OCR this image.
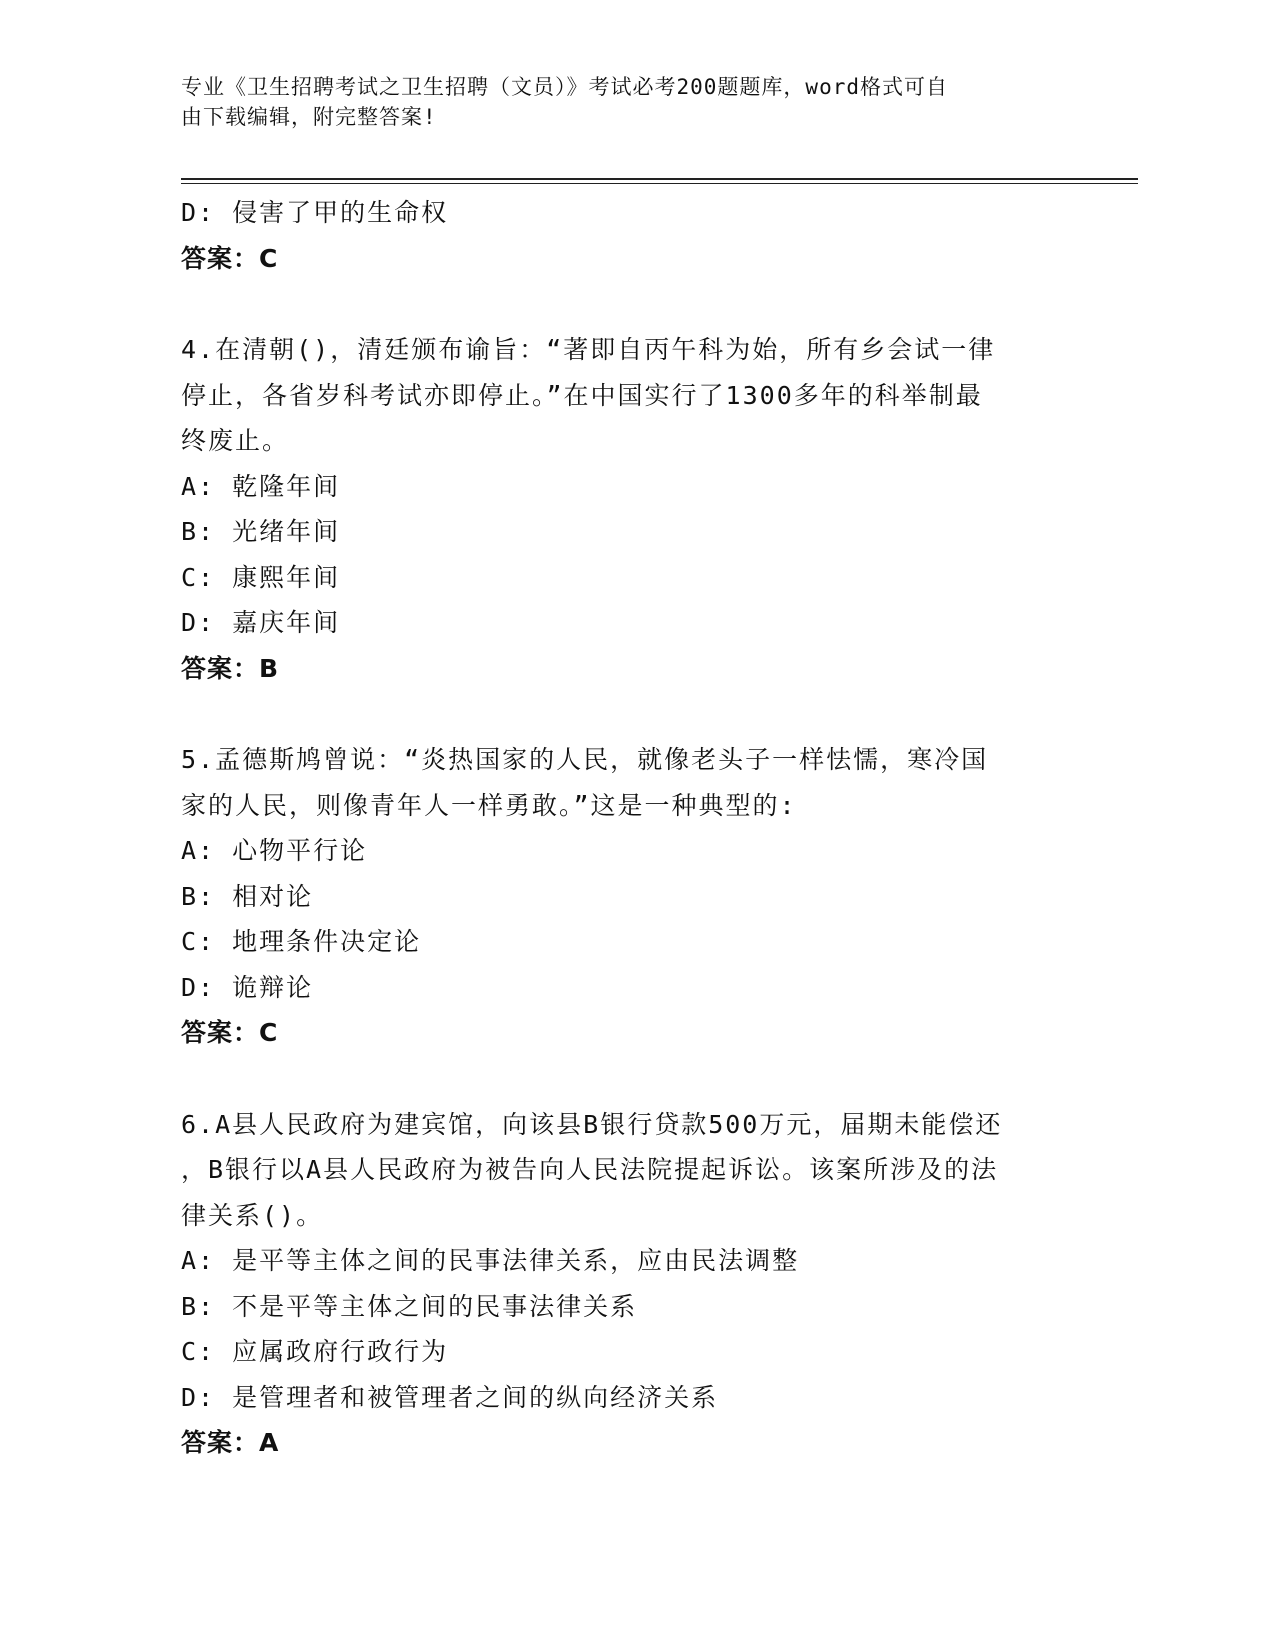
专业《卫生招聘考试之卫生招聘（文员）》考试必考200题题库，word格式可自
由下载编辑，附完整答案!
D: 侵害了甲的生命权
答案：C
4.在清朝()，清廷颁布谕旨：“著即自丙午科为始，所有乡会试一律
停止，各省岁科考试亦即停止。”在中国实行了1300多年的科举制最
终废止。
A: 乾隆年间
B: 光绪年间
C: 康熙年间
D: 嘉庆年间
答案：B
5.孟德斯鸠曾说：“炎热国家的人民，就像老头子一样怯懦，寒冷国
家的人民，则像青年人一样勇敢。”这是一种典型的:
A: 心物平行论
B: 相对论
C: 地理条件决定论
D: 诡辩论
答案：C
6.A县人民政府为建宾馆，向该县B银行贷款500万元，届期未能偿还
，B银行以A县人民政府为被告向人民法院提起诉讼。该案所涉及的法
律关系()。
A: 是平等主体之间的民事法律关系，应由民法调整
B: 不是平等主体之间的民事法律关系
C: 应属政府行政行为
D: 是管理者和被管理者之间的纵向经济关系
答案：A
